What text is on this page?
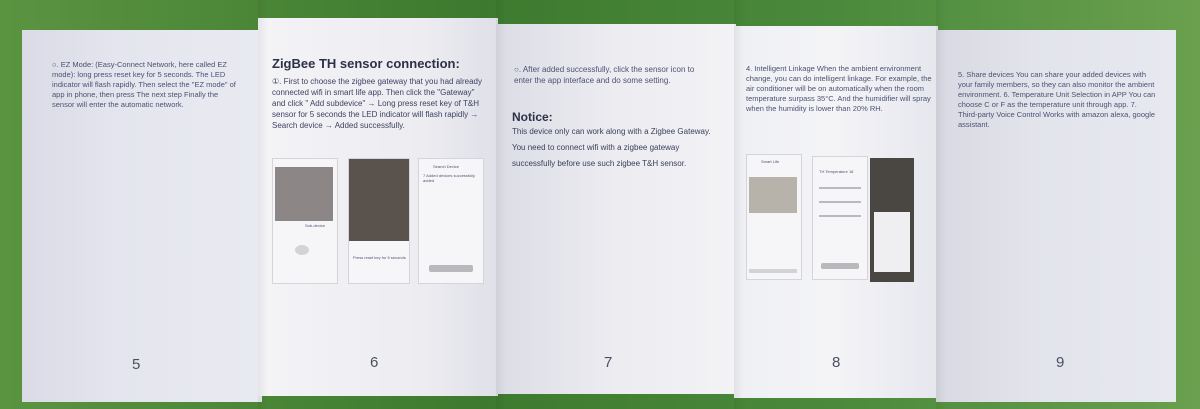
○. EZ Mode: (Easy-Connect Network, here called EZ mode): long press reset key for 5 seconds. The LED indicator will flash rapidly. Then select the "EZ mode" of app in phone, then press The next step Finally the sensor will enter the automatic network.
5
ZigBee TH sensor connection:
①. First to choose the zigbee gateway that you had already connected wifi in smart life app. Then click the "Gateway" and click " Add subdevice" → Long press reset key of T&H sensor for 5 seconds the LED indicator will flash rapidly → Search device → Added successfully.
Sub-device
Press reset key for 5 seconds
Search Device
7 Added devices successfully added
6
○. After added successfully, click the sensor icon to enter the app interface and do some setting.
Notice:
This device only can work along with a Zigbee Gateway. You need to connect wifi with a zigbee gateway successfully before use such zigbee T&H sensor.
7
4. Intelligent Linkage When the ambient environment change, you can do intelligent linkage. For example, the air conditioner will be on automatically when the room temperature surpass 35°C. And the humidifier will spray when the humidity is lower than 20% RH.
Smart Life
TH Temperature 18
8
5. Share devices You can share your added devices with your family members, so they can also monitor the ambient environment. 6. Temperature Unit Selection in APP You can choose C or F as the temperature unit through app. 7. Third-party Voice Control Works with amazon alexa, google assistant.
9
